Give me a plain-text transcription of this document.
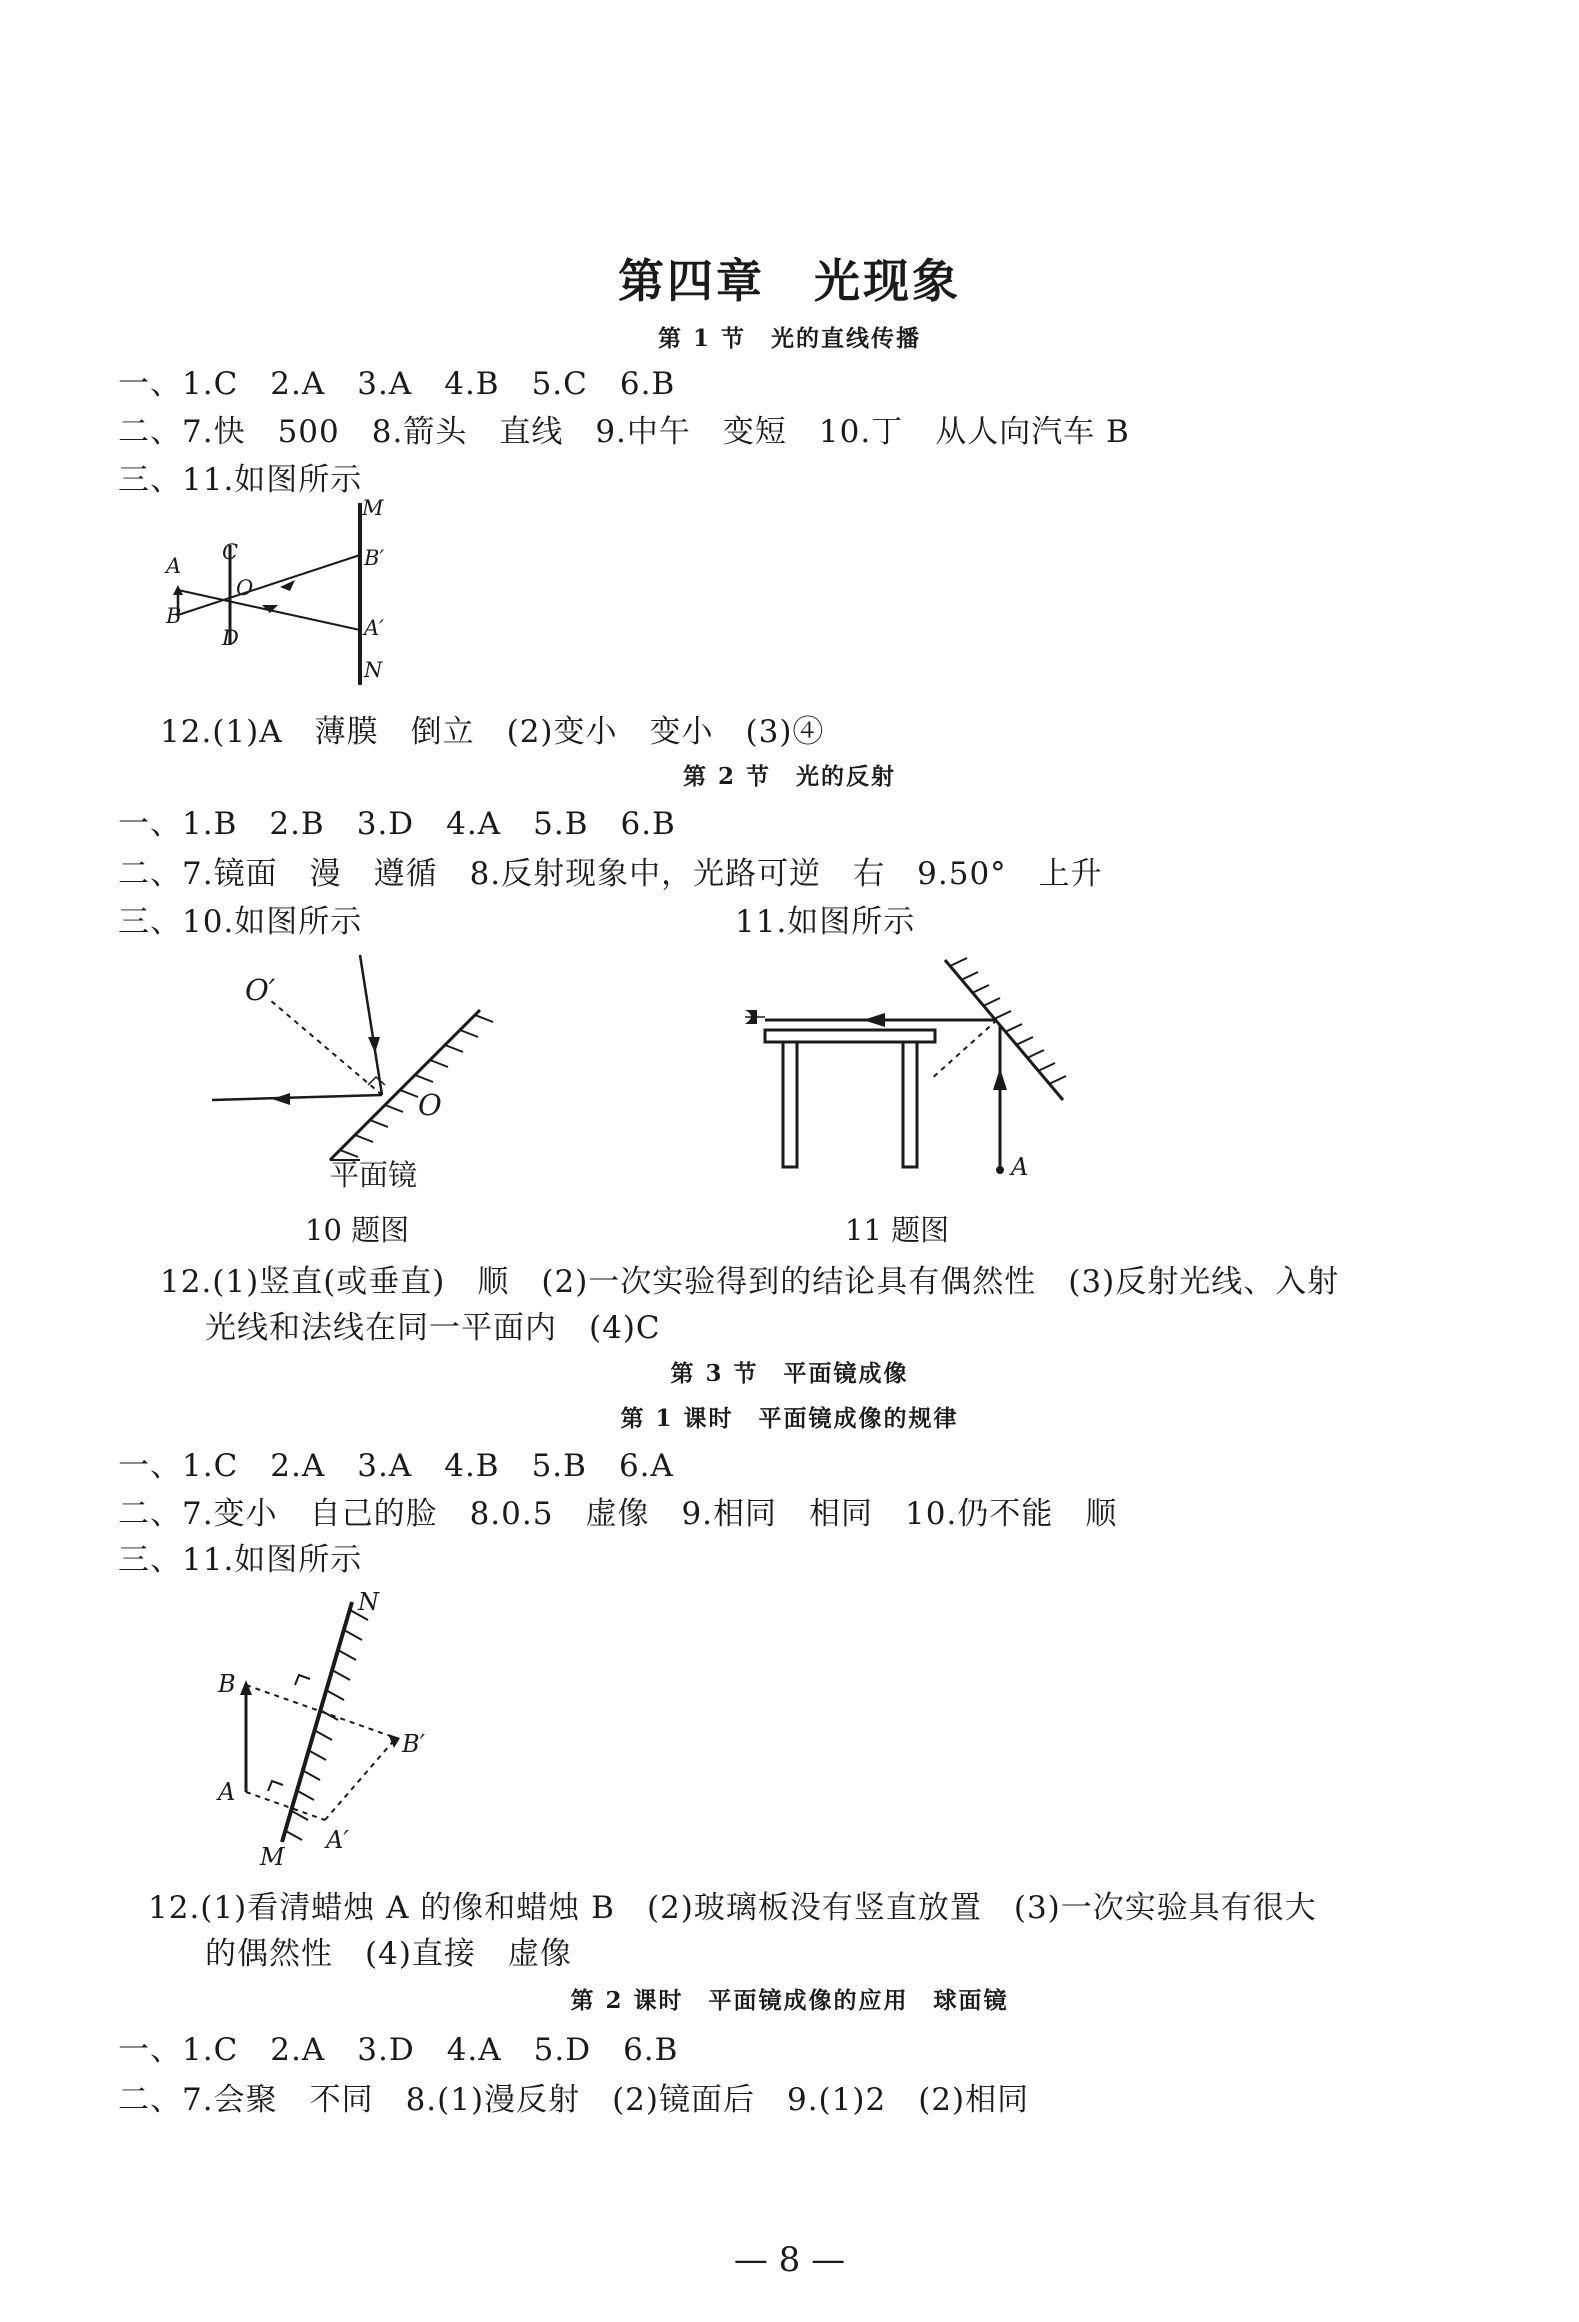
第四章　光现象
第 1 节　光的直线传播
一、1.C　2.A　3.A　4.B　5.C　6.B
二、7.快　500　8.箭头　直线　9.中午　变短　10.丁　从人向汽车 B
三、11.如图所示
M
B′
A′
N
C
O
D
A
B
12.(1)A　薄膜　倒立　(2)变小　变小　(3)④
第 2 节　光的反射
一、1.B　2.B　3.D　4.A　5.B　6.B
二、7.镜面　漫　遵循　8.反射现象中，光路可逆　右　9.50°　上升
三、10.如图所示	11.如图所示
O′
O
平面镜
10 题图
A
11 题图
12.(1)竖直(或垂直)　顺　(2)一次实验得到的结论具有偶然性　(3)反射光线、入射
光线和法线在同一平面内　(4)C
第 3 节　平面镜成像
第 1 课时　平面镜成像的规律
一、1.C　2.A　3.A　4.B　5.B　6.A
二、7.变小　自己的脸　8.0.5　虚像　9.相同　相同　10.仍不能　顺
三、11.如图所示
N
M
B
A
B′
A′
12.(1)看清蜡烛 A 的像和蜡烛 B　(2)玻璃板没有竖直放置　(3)一次实验具有很大
的偶然性　(4)直接　虚像
第 2 课时　平面镜成像的应用　球面镜
一、1.C　2.A　3.D　4.A　5.D　6.B
二、7.会聚　不同　8.(1)漫反射　(2)镜面后　9.(1)2　(2)相同
— 8 —
